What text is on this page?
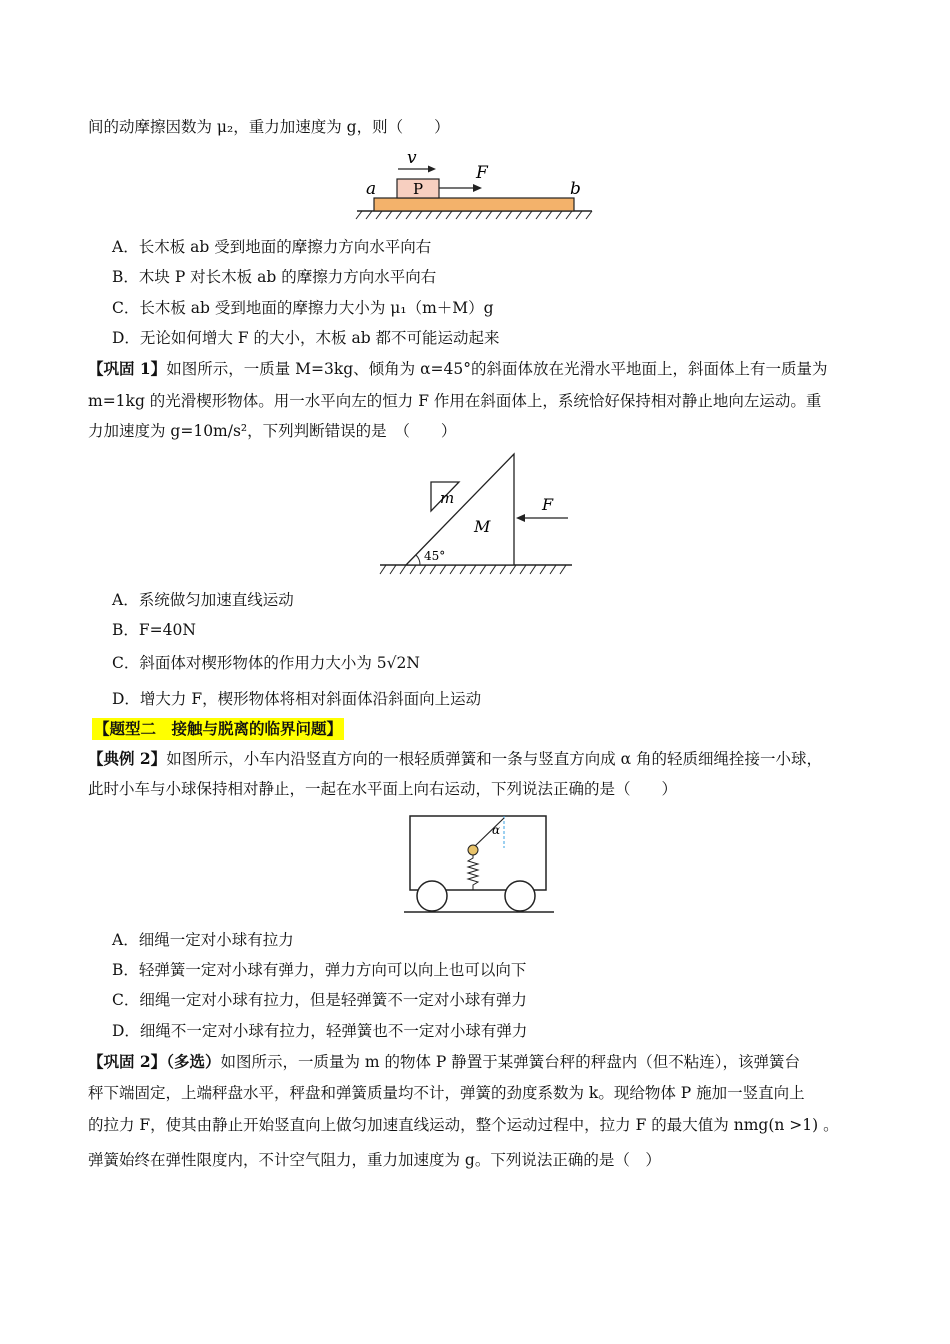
间的动摩擦因数为 μ₂，重力加速度为 g，则（　　）
P
v
F
a	b
A．长木板 ab 受到地面的摩擦力方向水平向右
B．木块 P 对长木板 ab 的摩擦力方向水平向右
C．长木板 ab 受到地面的摩擦力大小为 μ₁（m＋M）g
D．无论如何增大 F 的大小，木板 ab 都不可能运动起来
【巩固 1】如图所示，一质量 M=3kg、倾角为 α=45°的斜面体放在光滑水平地面上，斜面体上有一质量为
m=1kg 的光滑楔形物体。用一水平向左的恒力 F 作用在斜面体上，系统恰好保持相对静止地向左运动。重
力加速度为 g=10m/s²，下列判断错误的是　（　　）
m
M
45°
F
A．系统做匀加速直线运动
B．F=40N
C．斜面体对楔形物体的作用力大小为 5√2N
D．增大力 F，楔形物体将相对斜面体沿斜面向上运动
【题型二　接触与脱离的临界问题】
【典例 2】如图所示，小车内沿竖直方向的一根轻质弹簧和一条与竖直方向成 α 角的轻质细绳拴接一小球，
此时小车与小球保持相对静止，一起在水平面上向右运动，下列说法正确的是（　　）
α
A．细绳一定对小球有拉力
B．轻弹簧一定对小球有弹力，弹力方向可以向上也可以向下
C．细绳一定对小球有拉力，但是轻弹簧不一定对小球有弹力
D．细绳不一定对小球有拉力，轻弹簧也不一定对小球有弹力
【巩固 2】（多选）如图所示，一质量为 m 的物体 P 静置于某弹簧台秤的秤盘内（但不粘连），该弹簧台
秤下端固定，上端秤盘水平，秤盘和弹簧质量均不计，弹簧的劲度系数为 k。现给物体 P 施加一竖直向上
的拉力 F，使其由静止开始竖直向上做匀加速直线运动，整个运动过程中，拉力 F 的最大值为 nmg(n >1) 。
弹簧始终在弹性限度内，不计空气阻力，重力加速度为 g。下列说法正确的是（　）
